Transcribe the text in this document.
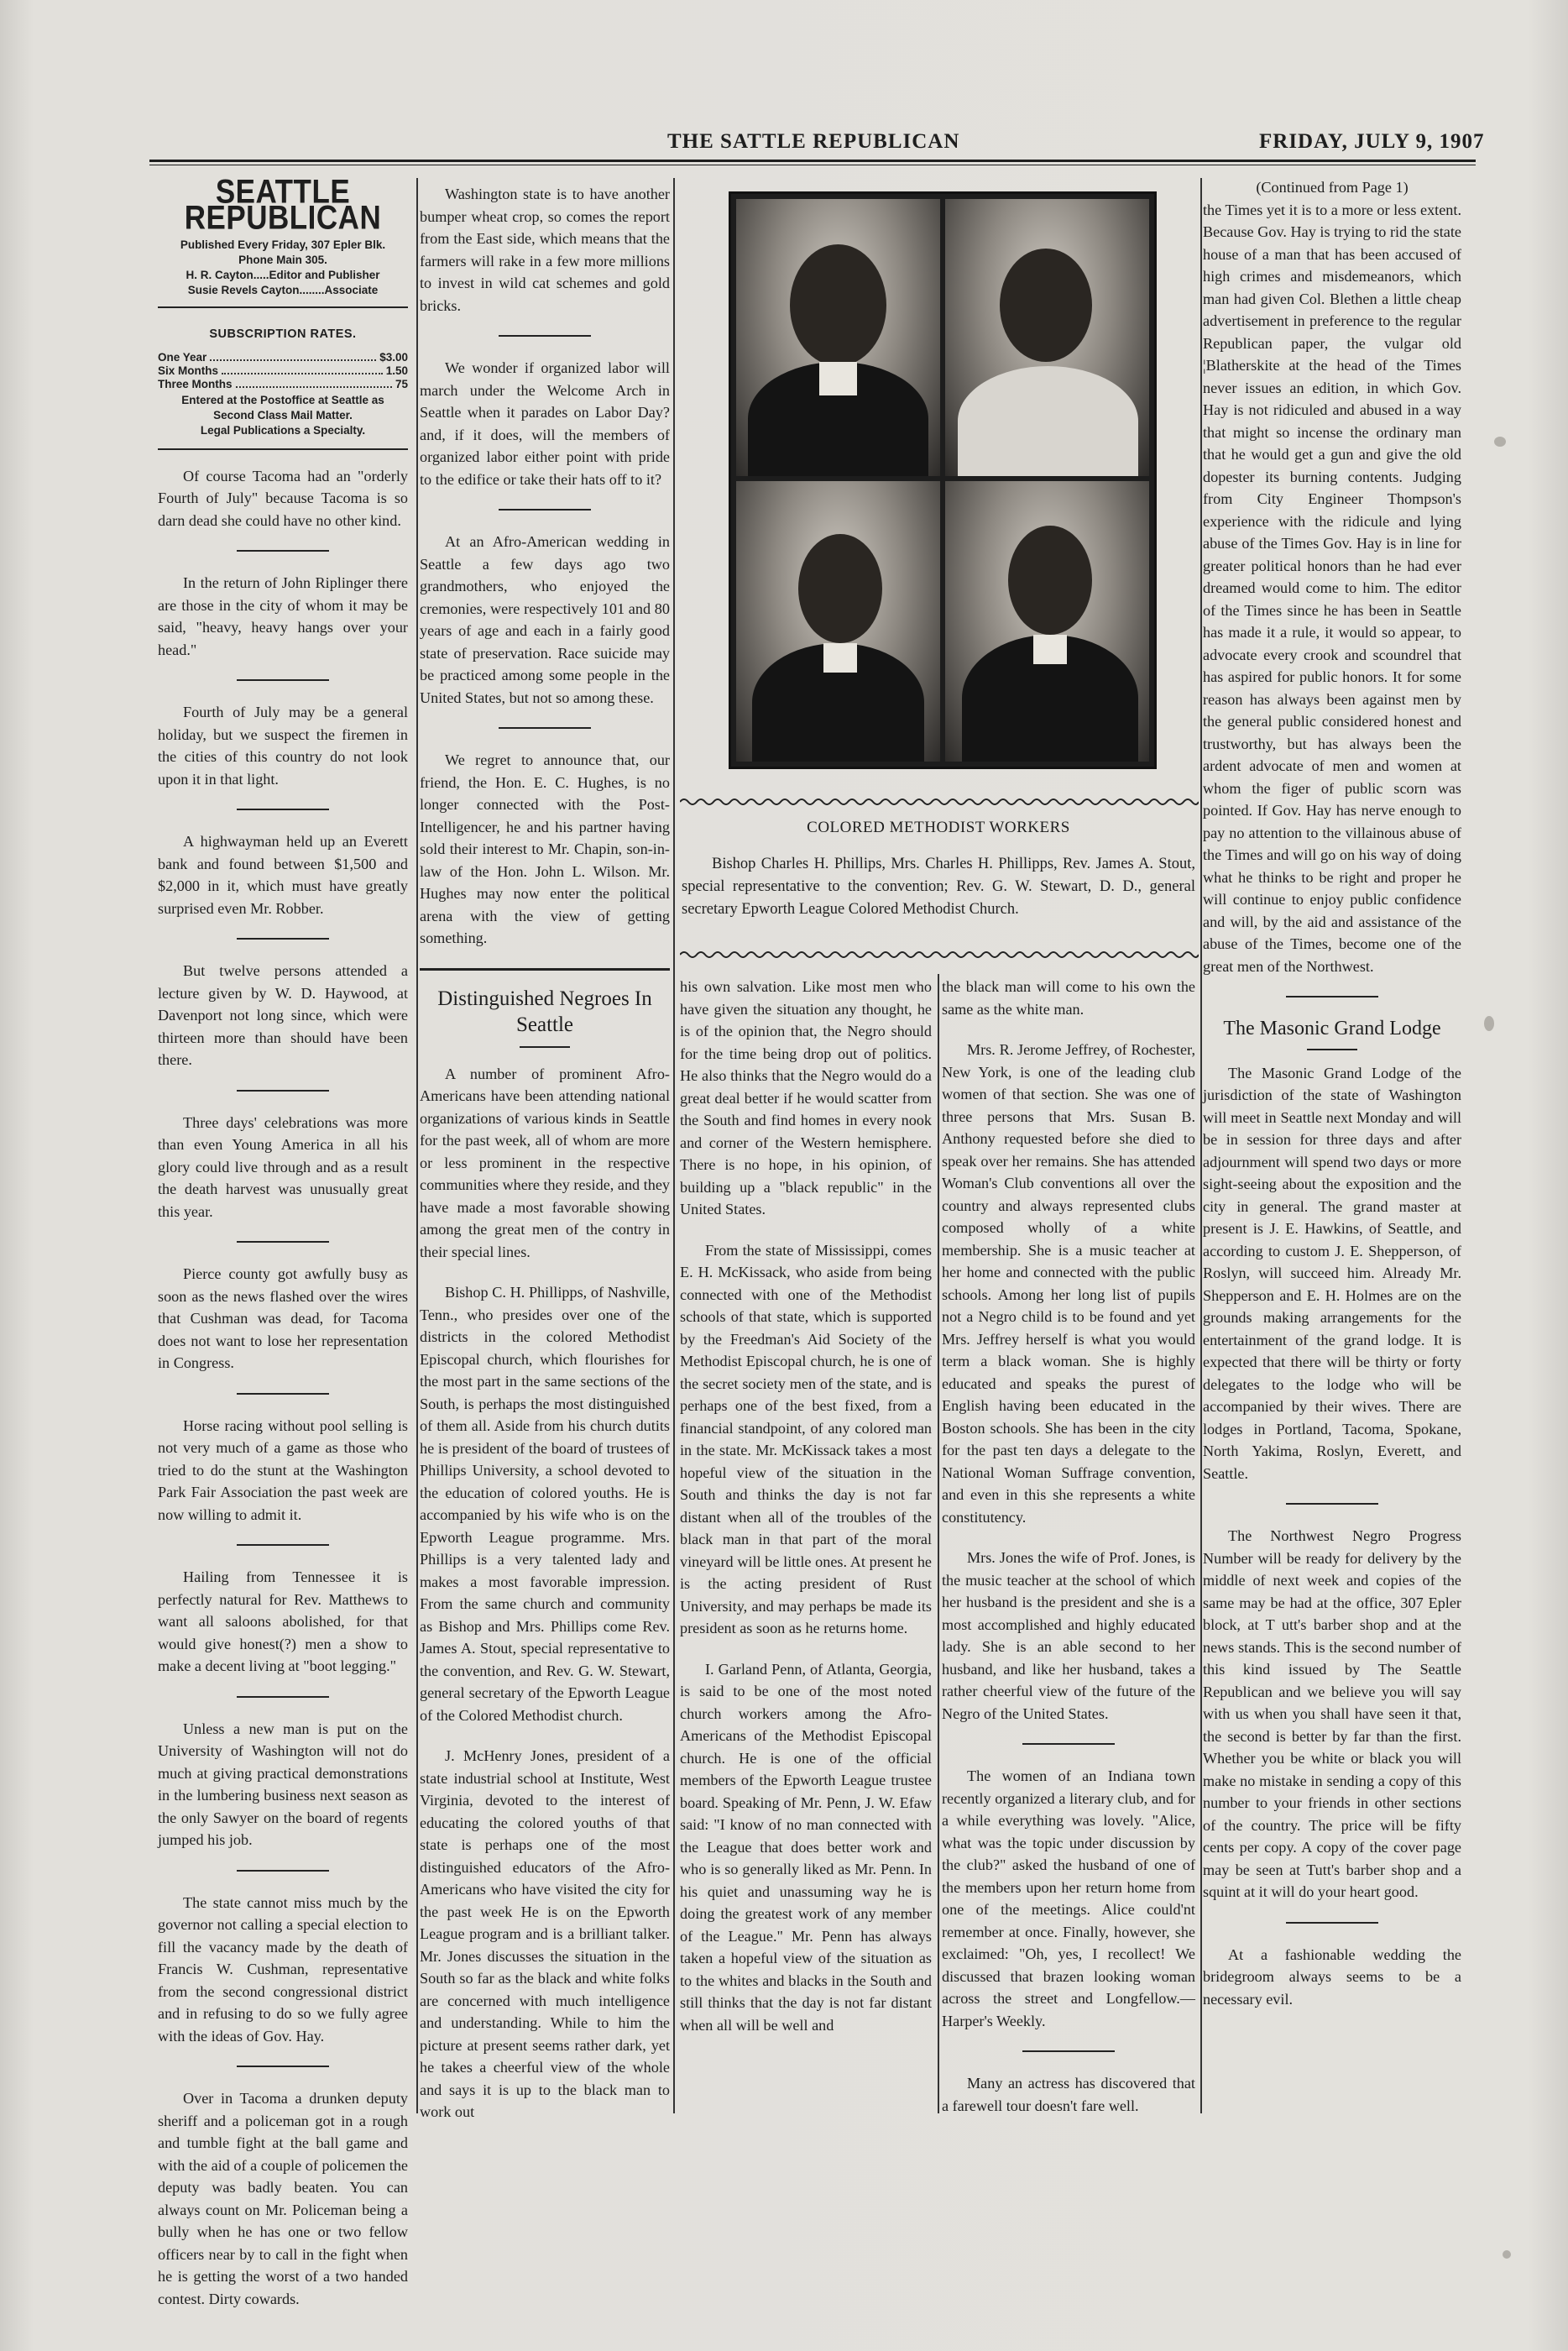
THE SATTLE REPUBLICAN	FRIDAY, JULY 9, 1907
SEATTLE REPUBLICAN
Published Every Friday, 307 Epler Blk.
Phone Main 305.
H. R. Cayton.....Editor and Publisher
Susie Revels Cayton........Associate
SUBSCRIPTION RATES.
One Year	$3.00
Six Months	1.50
Three Months	75
Entered at the Postoffice at Seattle as
Second Class Mail Matter.
Legal Publications a Specialty.

Of course Tacoma had an "orderly Fourth of July" because Tacoma is so darn dead she could have no other kind.

In the return of John Riplinger there are those in the city of whom it may be said, "heavy, heavy hangs over your head."

Fourth of July may be a general holiday, but we suspect the firemen in the cities of this country do not look upon it in that light.

A highwayman held up an Everett bank and found between $1,500 and $2,000 in it, which must have greatly surprised even Mr. Robber.

But twelve persons attended a lecture given by W. D. Haywood, at Davenport not long since, which were thirteen more than should have been there.

Three days' celebrations was more than even Young America in all his glory could live through and as a result the death harvest was unusually great this year.

Pierce county got awfully busy as soon as the news flashed over the wires that Cushman was dead, for Tacoma does not want to lose her representation in Congress.

Horse racing without pool selling is not very much of a game as those who tried to do the stunt at the Washington Park Fair Association the past week are now willing to admit it.

Hailing from Tennessee it is perfectly natural for Rev. Matthews to want all saloons abolished, for that would give honest(?) men a show to make a decent living at "boot legging."

Unless a new man is put on the University of Washington will not do much at giving practical demonstrations in the lumbering business next season as the only Sawyer on the board of regents jumped his job.

The state cannot miss much by the governor not calling a special election to fill the vacancy made by the death of Francis W. Cushman, representative from the second congressional district and in refusing to do so we fully agree with the ideas of Gov. Hay.

Over in Tacoma a drunken deputy sheriff and a policeman got in a rough and tumble fight at the ball game and with the aid of a couple of policemen the deputy was badly beaten. You can always count on Mr. Policeman being a bully when he has one or two fellow officers near by to call in the fight when he is getting the worst of a two handed contest. Dirty cowards.

Washington state is to have another bumper wheat crop, so comes the report from the East side, which means that the farmers will rake in a few more millions to invest in wild cat schemes and gold bricks.

We wonder if organized labor will march under the Welcome Arch in Seattle when it parades on Labor Day? and, if it does, will the members of organized labor either point with pride to the edifice or take their hats off to it?

At an Afro-American wedding in Seattle a few days ago two grandmothers, who enjoyed the cremonies, were respectively 101 and 80 years of age and each in a fairly good state of preservation. Race suicide may be practiced among some people in the United States, but not so among these.

We regret to announce that, our friend, the Hon. E. C. Hughes, is no longer connected with the Post-Intelligencer, he and his partner having sold their interest to Mr. Chapin, son-in-law of the Hon. John L. Wilson. Mr. Hughes may now enter the political arena with the view of getting something.

Distinguished Negroes In Seattle

A number of prominent Afro-Americans have been attending national organizations of various kinds in Seattle for the past week, all of whom are more or less prominent in the respective communities where they reside, and they have made a most favorable showing among the great men of the contry in their special lines.

Bishop C. H. Phillipps, of Nashville, Tenn., who presides over one of the districts in the colored Methodist Episcopal church, which flourishes for the most part in the same sections of the South, is perhaps the most distinguished of them all. Aside from his church dutits he is president of the board of trustees of Phillips University, a school devoted to the education of colored youths. He is accompanied by his wife who is on the Epworth League programme. Mrs. Phillips is a very talented lady and makes a most favorable impression. From the same church and community as Bishop and Mrs. Phillips come Rev. James A. Stout, special representative to the convention, and Rev. G. W. Stewart, general secretary of the Epworth League of the Colored Methodist church.

J. McHenry Jones, president of a state industrial school at Institute, West Virginia, devoted to the interest of educating the colored youths of that state is perhaps one of the most distinguished educators of the Afro-Americans who have visited the city for the past week He is on the Epworth League program and is a brilliant talker. Mr. Jones discusses the situation in the South so far as the black and white folks are concerned with much intelligence and understanding. While to him the picture at present seems rather dark, yet he takes a cheerful view of the whole and says it is up to the black man to work out

COLORED METHODIST WORKERS
Bishop Charles H. Phillips, Mrs. Charles H. Phillipps, Rev. James A. Stout, special representative to the convention; Rev. G. W. Stewart, D. D., general secretary Epworth League Colored Methodist Church.

his own salvation. Like most men who have given the situation any thought, he is of the opinion that, the Negro should for the time being drop out of politics. He also thinks that the Negro would do a great deal better if he would scatter from the South and find homes in every nook and corner of the Western hemisphere. There is no hope, in his opinion, of building up a "black republic" in the United States.

From the state of Mississippi, comes E. H. McKissack, who aside from being connected with one of the Methodist schools of that state, which is supported by the Freedman's Aid Society of the Methodist Episcopal church, he is one of the secret society men of the state, and is perhaps one of the best fixed, from a financial standpoint, of any colored man in the state. Mr. McKissack takes a most hopeful view of the situation in the South and thinks the day is not far distant when all of the troubles of the black man in that part of the moral vineyard will be little ones. At present he is the acting president of Rust University, and may perhaps be made its president as soon as he returns home.

I. Garland Penn, of Atlanta, Georgia, is said to be one of the most noted church workers among the Afro-Americans of the Methodist Episcopal church. He is one of the official members of the Epworth League trustee board. Speaking of Mr. Penn, J. W. Efaw said: "I know of no man connected with the League that does better work and who is so generally liked as Mr. Penn. In his quiet and unassuming way he is doing the greatest work of any member of the League." Mr. Penn has always taken a hopeful view of the situation as to the whites and blacks in the South and still thinks that the day is not far distant when all will be well and

the black man will come to his own the same as the white man.

Mrs. R. Jerome Jeffrey, of Rochester, New York, is one of the leading club women of that section. She was one of three persons that Mrs. Susan B. Anthony requested before she died to speak over her remains. She has attended Woman's Club conventions all over the country and always represented clubs composed wholly of a white membership. She is a music teacher at her home and connected with the public schools. Among her long list of pupils not a Negro child is to be found and yet Mrs. Jeffrey herself is what you would term a black woman. She is highly educated and speaks the purest of English having been educated in the Boston schools. She has been in the city for the past ten days a delegate to the National Woman Suffrage convention, and even in this she represents a white constitutency.

Mrs. Jones the wife of Prof. Jones, is the music teacher at the school of which her husband is the president and she is a most accomplished and highly educated lady. She is an able second to her husband, and like her husband, takes a rather cheerful view of the future of the Negro of the United States.

The women of an Indiana town recently organized a literary club, and for a while everything was lovely. "Alice, what was the topic under discussion by the club?" asked the husband of one of the members upon her return home from one of the meetings. Alice could'nt remember at once. Finally, however, she exclaimed: "Oh, yes, I recollect! We discussed that brazen looking woman across the street and Longfellow.—Harper's Weekly.

Many an actress has discovered that a farewell tour doesn't fare well.

(Continued from Page 1)

the Times yet it is to a more or less extent. Because Gov. Hay is trying to rid the state house of a man that has been accused of high crimes and misdemeanors, which man had given Col. Blethen a little cheap advertisement in preference to the regular Republican paper, the vulgar old ¦Blatherskite at the head of the Times never issues an edition, in which Gov. Hay is not ridiculed and abused in a way that might so incense the ordinary man that he would get a gun and give the old dopester its burning contents. Judging from City Engineer Thompson's experience with the ridicule and lying abuse of the Times Gov. Hay is in line for greater political honors than he had ever dreamed would come to him. The editor of the Times since he has been in Seattle has made it a rule, it would so appear, to advocate every crook and scoundrel that has aspired for public honors. It for some reason has always been against men by the general public considered honest and trustworthy, but has always been the ardent advocate of men and women at whom the figer of public scorn was pointed. If Gov. Hay has nerve enough to pay no attention to the villainous abuse of the Times and will go on his way of doing what he thinks to be right and proper he will continue to enjoy public confidence and will, by the aid and assistance of the abuse of the Times, become one of the great men of the Northwest.

The Masonic Grand Lodge

The Masonic Grand Lodge of the jurisdiction of the state of Washington will meet in Seattle next Monday and will be in session for three days and after adjournment will spend two days or more sight-seeing about the exposition and the city in general. The grand master at present is J. E. Hawkins, of Seattle, and according to custom J. E. Shepperson, of Roslyn, will succeed him. Already Mr. Shepperson and E. H. Holmes are on the grounds making arrangements for the entertainment of the grand lodge. It is expected that there will be thirty or forty delegates to the lodge who will be accompanied by their wives. There are lodges in Portland, Tacoma, Spokane, North Yakima, Roslyn, Everett, and Seattle.

The Northwest Negro Progress Number will be ready for delivery by the middle of next week and copies of the same may be had at the office, 307 Epler block, at T utt's barber shop and at the news stands. This is the second number of this kind issued by The Seattle Republican and we believe you will say with us when you shall have seen it that, the second is better by far than the first. Whether you be white or black you will make no mistake in sending a copy of this number to your friends in other sections of the country. The price will be fifty cents per copy. A copy of the cover page may be seen at Tutt's barber shop and a squint at it will do your heart good.

At a fashionable wedding the bridegroom always seems to be a necessary evil.
